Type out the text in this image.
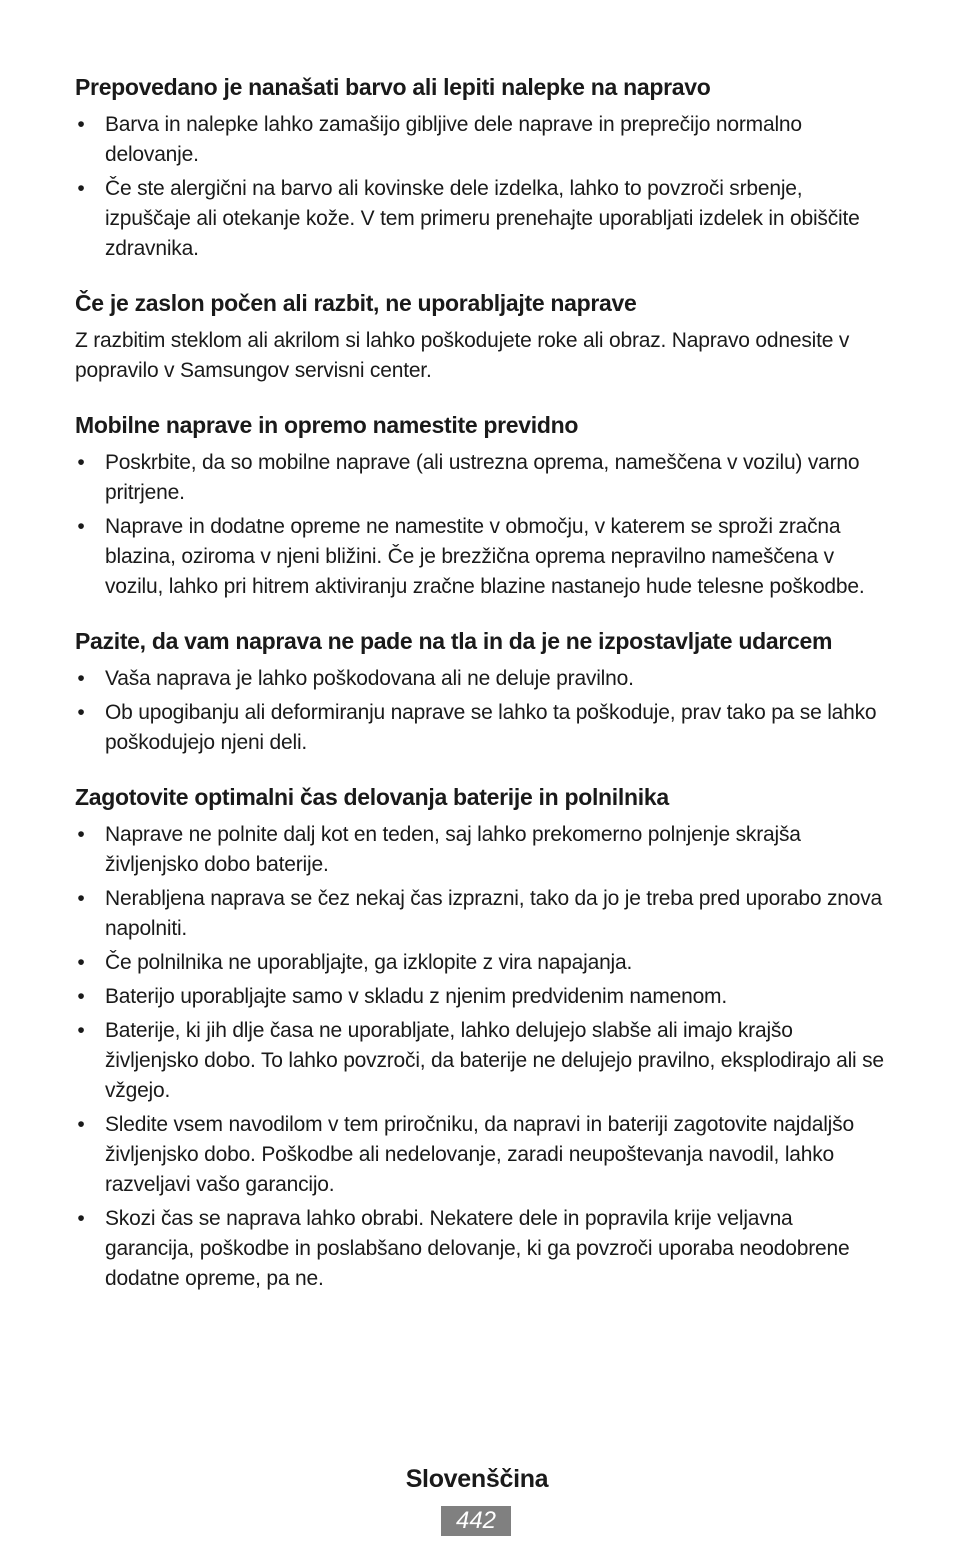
Prepovedano je nanašati barvo ali lepiti nalepke na napravo
• Barva in nalepke lahko zamašijo gibljive dele naprave in preprečijo normalno delovanje.
• Če ste alergični na barvo ali kovinske dele izdelka, lahko to povzroči srbenje, izpuščaje ali otekanje kože. V tem primeru prenehajte uporabljati izdelek in obiščite zdravnika.
Če je zaslon počen ali razbit, ne uporabljajte naprave

Z razbitim steklom ali akrilom si lahko poškodujete roke ali obraz. Napravo odnesite v popravilo v Samsungov servisni center.

Mobilne naprave in opremo namestite previdno
• Poskrbite, da so mobilne naprave (ali ustrezna oprema, nameščena v vozilu) varno pritrjene.
• Naprave in dodatne opreme ne namestite v območju, v katerem se sproži zračna blazina, oziroma v njeni bližini. Če je brezžična oprema nepravilno nameščena v vozilu, lahko pri hitrem aktiviranju zračne blazine nastanejo hude telesne poškodbe.
Pazite, da vam naprava ne pade na tla in da je ne izpostavljate udarcem
• Vaša naprava je lahko poškodovana ali ne deluje pravilno.
• Ob upogibanju ali deformiranju naprave se lahko ta poškoduje, prav tako pa se lahko poškodujejo njeni deli.
Zagotovite optimalni čas delovanja baterije in polnilnika
• Naprave ne polnite dalj kot en teden, saj lahko prekomerno polnjenje skrajša življenjsko dobo baterije.
• Nerabljena naprava se čez nekaj čas izprazni, tako da jo je treba pred uporabo znova napolniti.
• Če polnilnika ne uporabljajte, ga izklopite z vira napajanja.
• Baterijo uporabljajte samo v skladu z njenim predvidenim namenom.
• Baterije, ki jih dlje časa ne uporabljate, lahko delujejo slabše ali imajo krajšo življenjsko dobo. To lahko povzroči, da baterije ne delujejo pravilno, eksplodirajo ali se vžgejo.
• Sledite vsem navodilom v tem priročniku, da napravi in bateriji zagotovite najdaljšo življenjsko dobo. Poškodbe ali nedelovanje, zaradi neupoštevanja navodil, lahko razveljavi vašo garancijo.
• Skozi čas se naprava lahko obrabi. Nekatere dele in popravila krije veljavna garancija, poškodbe in poslabšano delovanje, ki ga povzroči uporaba neodobrene dodatne opreme, pa ne.
Slovenščina
442
